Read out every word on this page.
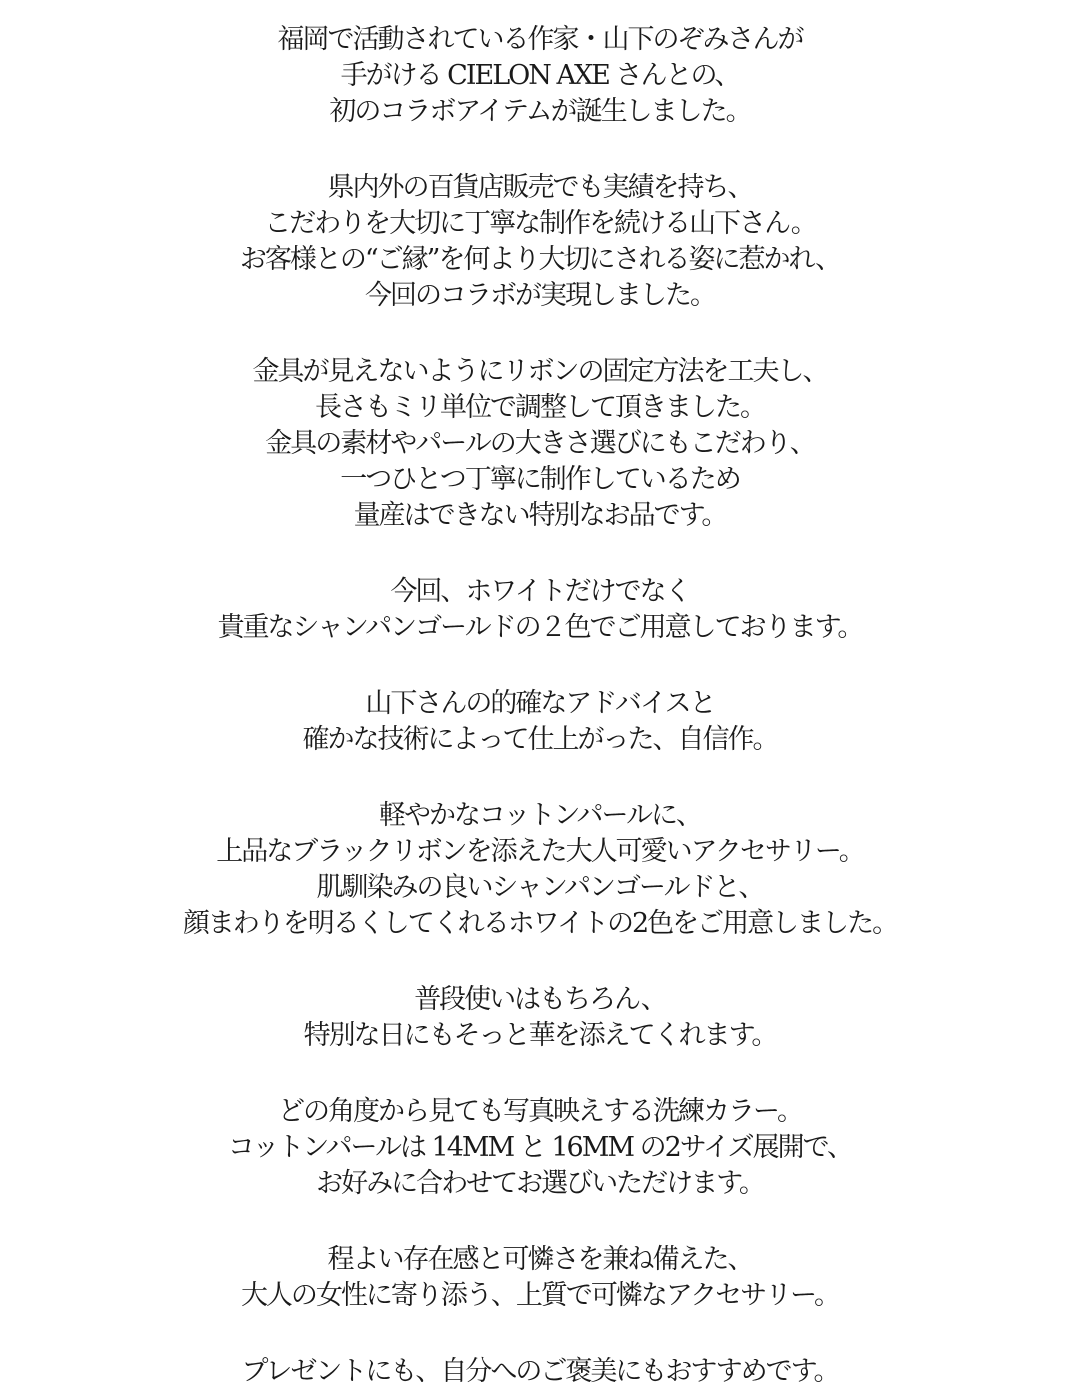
福岡で活動されている作家・山下のぞみさんが
手がける CIELON AXE さんとの、
初のコラボアイテムが誕生しました。
県内外の百貨店販売でも実績を持ち、
こだわりを大切に丁寧な制作を続ける山下さん。
お客様との“ご縁”を何より大切にされる姿に惹かれ、
今回のコラボが実現しました。
金具が見えないようにリボンの固定方法を工夫し、
長さもミリ単位で調整して頂きました。
金具の素材やパールの大きさ選びにもこだわり、
一つひとつ丁寧に制作しているため
量産はできない特別なお品です。
今回、ホワイトだけでなく
貴重なシャンパンゴールドの２色でご用意しております。
山下さんの的確なアドバイスと
確かな技術によって仕上がった、自信作。
軽やかなコットンパールに、
上品なブラックリボンを添えた大人可愛いアクセサリー。
肌馴染みの良いシャンパンゴールドと、
顔まわりを明るくしてくれるホワイトの2色をご用意しました。
普段使いはもちろん、
特別な日にもそっと華を添えてくれます。
どの角度から見ても写真映えする洗練カラー。
コットンパールは 14MM と 16MM の2サイズ展開で、
お好みに合わせてお選びいただけます。
程よい存在感と可憐さを兼ね備えた、
大人の女性に寄り添う、上質で可憐なアクセサリー。
プレゼントにも、自分へのご褒美にもおすすめです。
